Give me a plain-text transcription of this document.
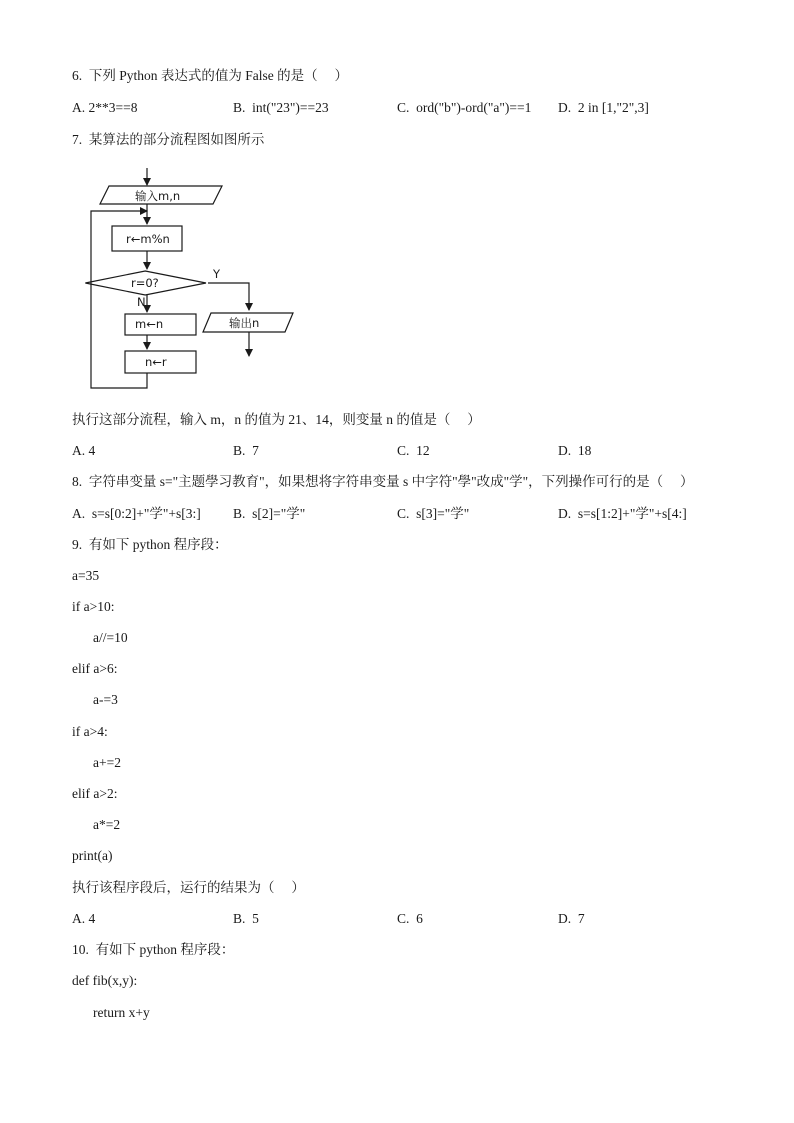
6.  下列 Python 表达式的值为 False 的是（     ）
A. 2**3==8	B.  int("23")==23	C.  ord("b")-ord("a")==1 D.  2 in [1,"2",3]
7.  某算法的部分流程图如图所示
输入m,n
r←m%n
r=0?
Y
N
m←n	输出n
n←r
执行这部分流程，输入 m，n 的值为 21、14，则变量 n 的值是（     ）
A. 4	B.  7	C.  12	D.  18
8.  字符串变量 s="主题學习教育"，如果想将字符串变量 s 中字符"學"改成"学"，下列操作可行的是（     ）
A.  s=s[0:2]+"学"+s[3:] B.  s[2]="学"	C.  s[3]="学"	D.  s=s[1:2]+"学"+s[4:]
9.  有如下 python 程序段：
a=35
if a>10:
a//=10
elif a>6:
a-=3
if a>4:
a+=2
elif a>2:
a*=2
print(a)
执行该程序段后，运行的结果为（     ）
A. 4	B.  5	C.  6	D.  7
10.  有如下 python 程序段：
def fib(x,y):
return x+y
